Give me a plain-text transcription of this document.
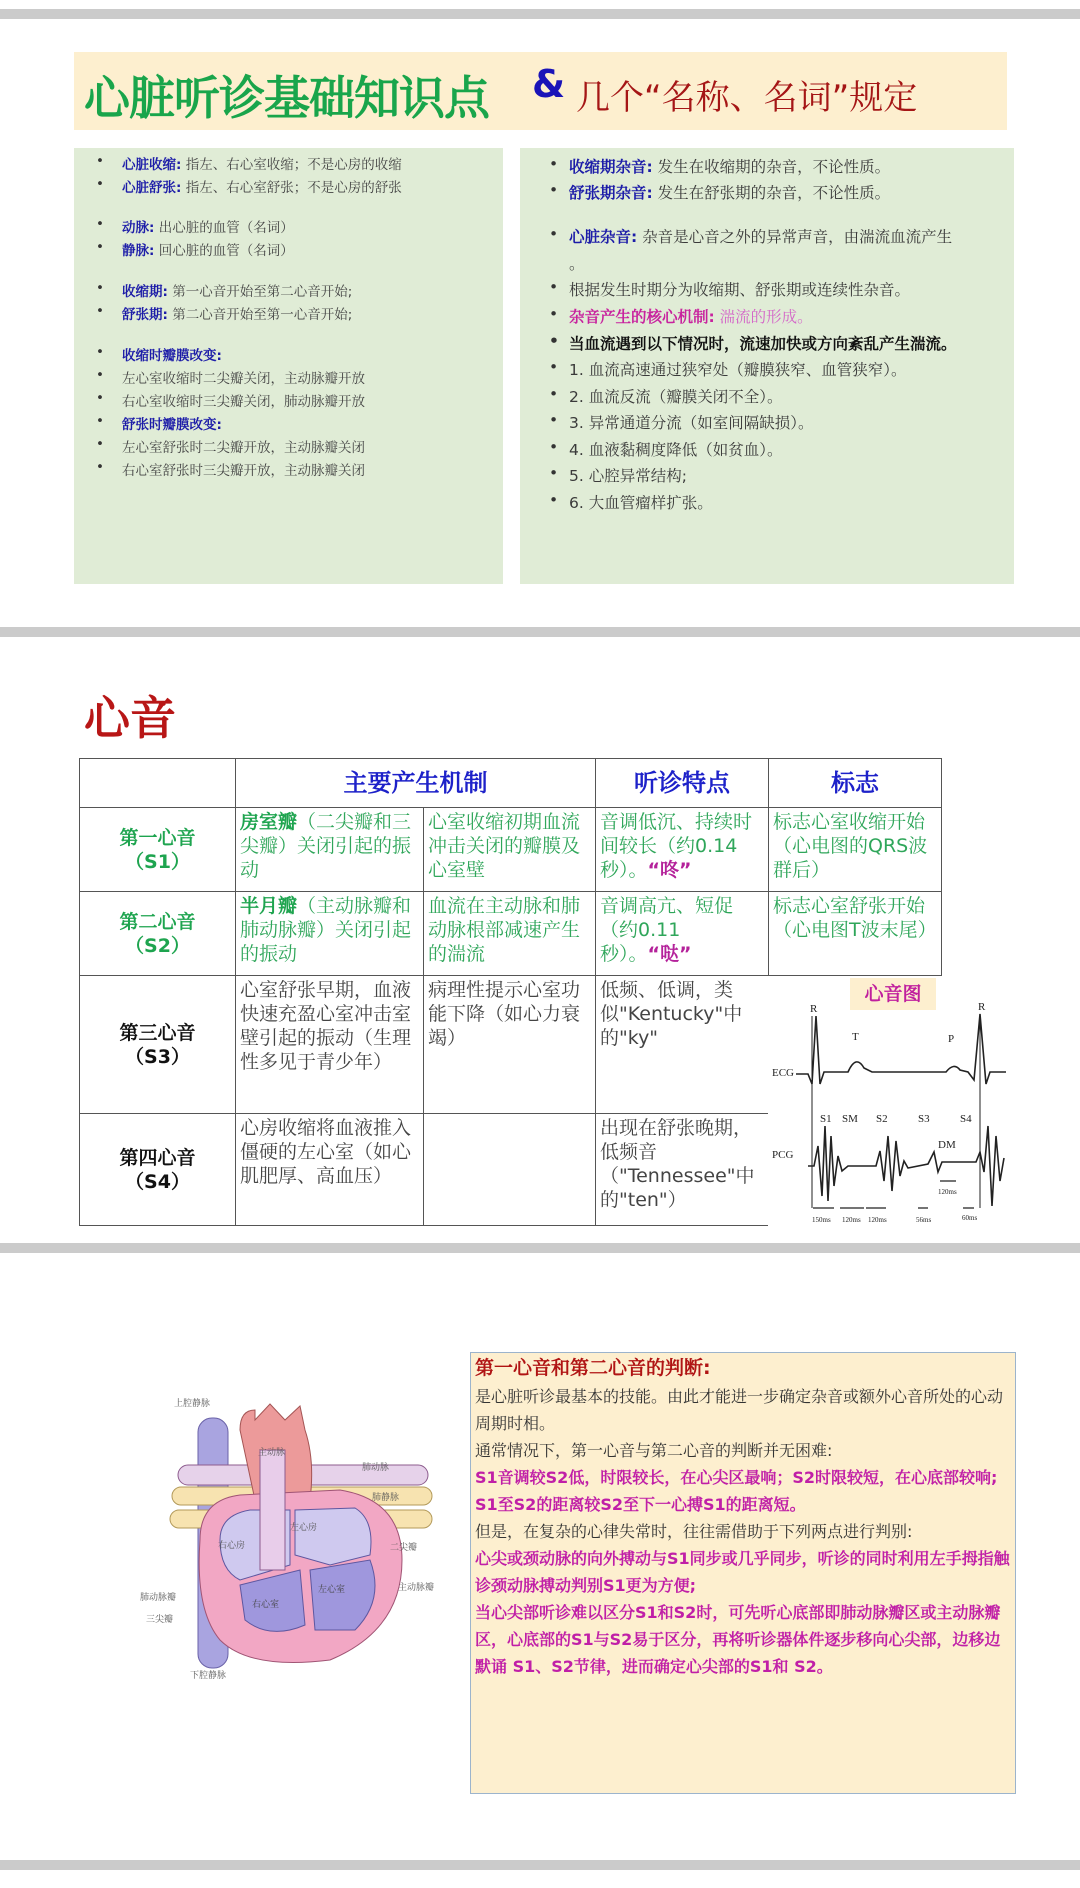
心脏听诊基础知识点 & 几个“名称、名词”规定
• 心脏收缩: 指左、右心室收缩；不是心房的收缩
• 心脏舒张: 指左、右心室舒张；不是心房的舒张
• 动脉: 出心脏的血管（名词）
• 静脉: 回心脏的血管（名词）
• 收缩期: 第一心音开始至第二心音开始;
• 舒张期: 第二心音开始至第一心音开始;
• 收缩时瓣膜改变:
• 左心室收缩时二尖瓣关闭，主动脉瓣开放
• 右心室收缩时三尖瓣关闭，肺动脉瓣开放
• 舒张时瓣膜改变:
• 左心室舒张时二尖瓣开放，主动脉瓣关闭
• 右心室舒张时三尖瓣开放，主动脉瓣关闭
• 收缩期杂音: 发生在收缩期的杂音，不论性质。
• 舒张期杂音: 发生在舒张期的杂音，不论性质。
• 心脏杂音: 杂音是心音之外的异常声音，由湍流血流产生
。
• 根据发生时期分为收缩期、舒张期或连续性杂音。
• 杂音产生的核心机制: 湍流的形成。
• 当血流遇到以下情况时，流速加快或方向紊乱产生湍流。
• 1. 血流高速通过狭窄处（瓣膜狭窄、血管狭窄）。
• 2. 血流反流（瓣膜关闭不全）。
• 3. 异常通道分流（如室间隔缺损）。
• 4. 血液黏稠度降低（如贫血）。
• 5. 心腔异常结构;
• 6. 大血管瘤样扩张。
心音
	主要产生机制		听诊特点	标志

第一心音
（S1）	房室瓣（二尖瓣和三尖瓣）关闭引起的振动	心室收缩初期血流冲击关闭的瓣膜及心室壁	音调低沉、持续时间较长（约0.14秒）。“咚”	标志心室收缩开始（心电图的QRS波群后）

第二心音
（S2）	半月瓣（主动脉瓣和肺动脉瓣）关闭引起的振动	血流在主动脉和肺动脉根部减速产生的湍流	音调高亢、短促（约0.11秒）。“哒”	标志心室舒张开始（心电图T波末尾）

第三心音
（S3）	心室舒张早期，血液快速充盈心室冲击室壁引起的振动（生理性多见于青少年）	病理性提示心室功能下降（如心力衰竭）	低频、低调，类似"Kentucky"中的"ky"	

第四心音
（S4）	心房收缩将血液推入僵硬的左心室（如心肌肥厚、高血压）		出现在舒张晚期，低频音（"Tennessee"中的"ten"）	
R
T	P
R
ECG
PCG
S1 SM S2	S3
DM
S4
150ms 120ms 120ms	56ms
120ms
60ms
心音图
上腔静脉
主动脉
肺动脉
肺静脉
右心房
左心房
二尖瓣
主动脉瓣
肺动脉瓣
三尖瓣
右心室
左心室
下腔静脉

第一心音和第二心音的判断:

是心脏听诊最基本的技能。由此才能进一步确定杂音或额外心音所处的心动周期时相。

通常情况下，第一心音与第二心音的判断并无困难:

S1音调较S2低，时限较长，在心尖区最响；S2时限较短，在心底部较响;

S1至S2的距离较S2至下一心搏S1的距离短。

但是，在复杂的心律失常时，往往需借助于下列两点进行判别:

心尖或颈动脉的向外搏动与S1同步或几乎同步，听诊的同时利用左手拇指触诊颈动脉搏动判别S1更为方便;

当心尖部听诊难以区分S1和S2时，可先听心底部即肺动脉瓣区或主动脉瓣区，心底部的S1与S2易于区分，再将听诊器体件逐步移向心尖部，边移边默诵 S1、S2节律，进而确定心尖部的S1和 S2。
